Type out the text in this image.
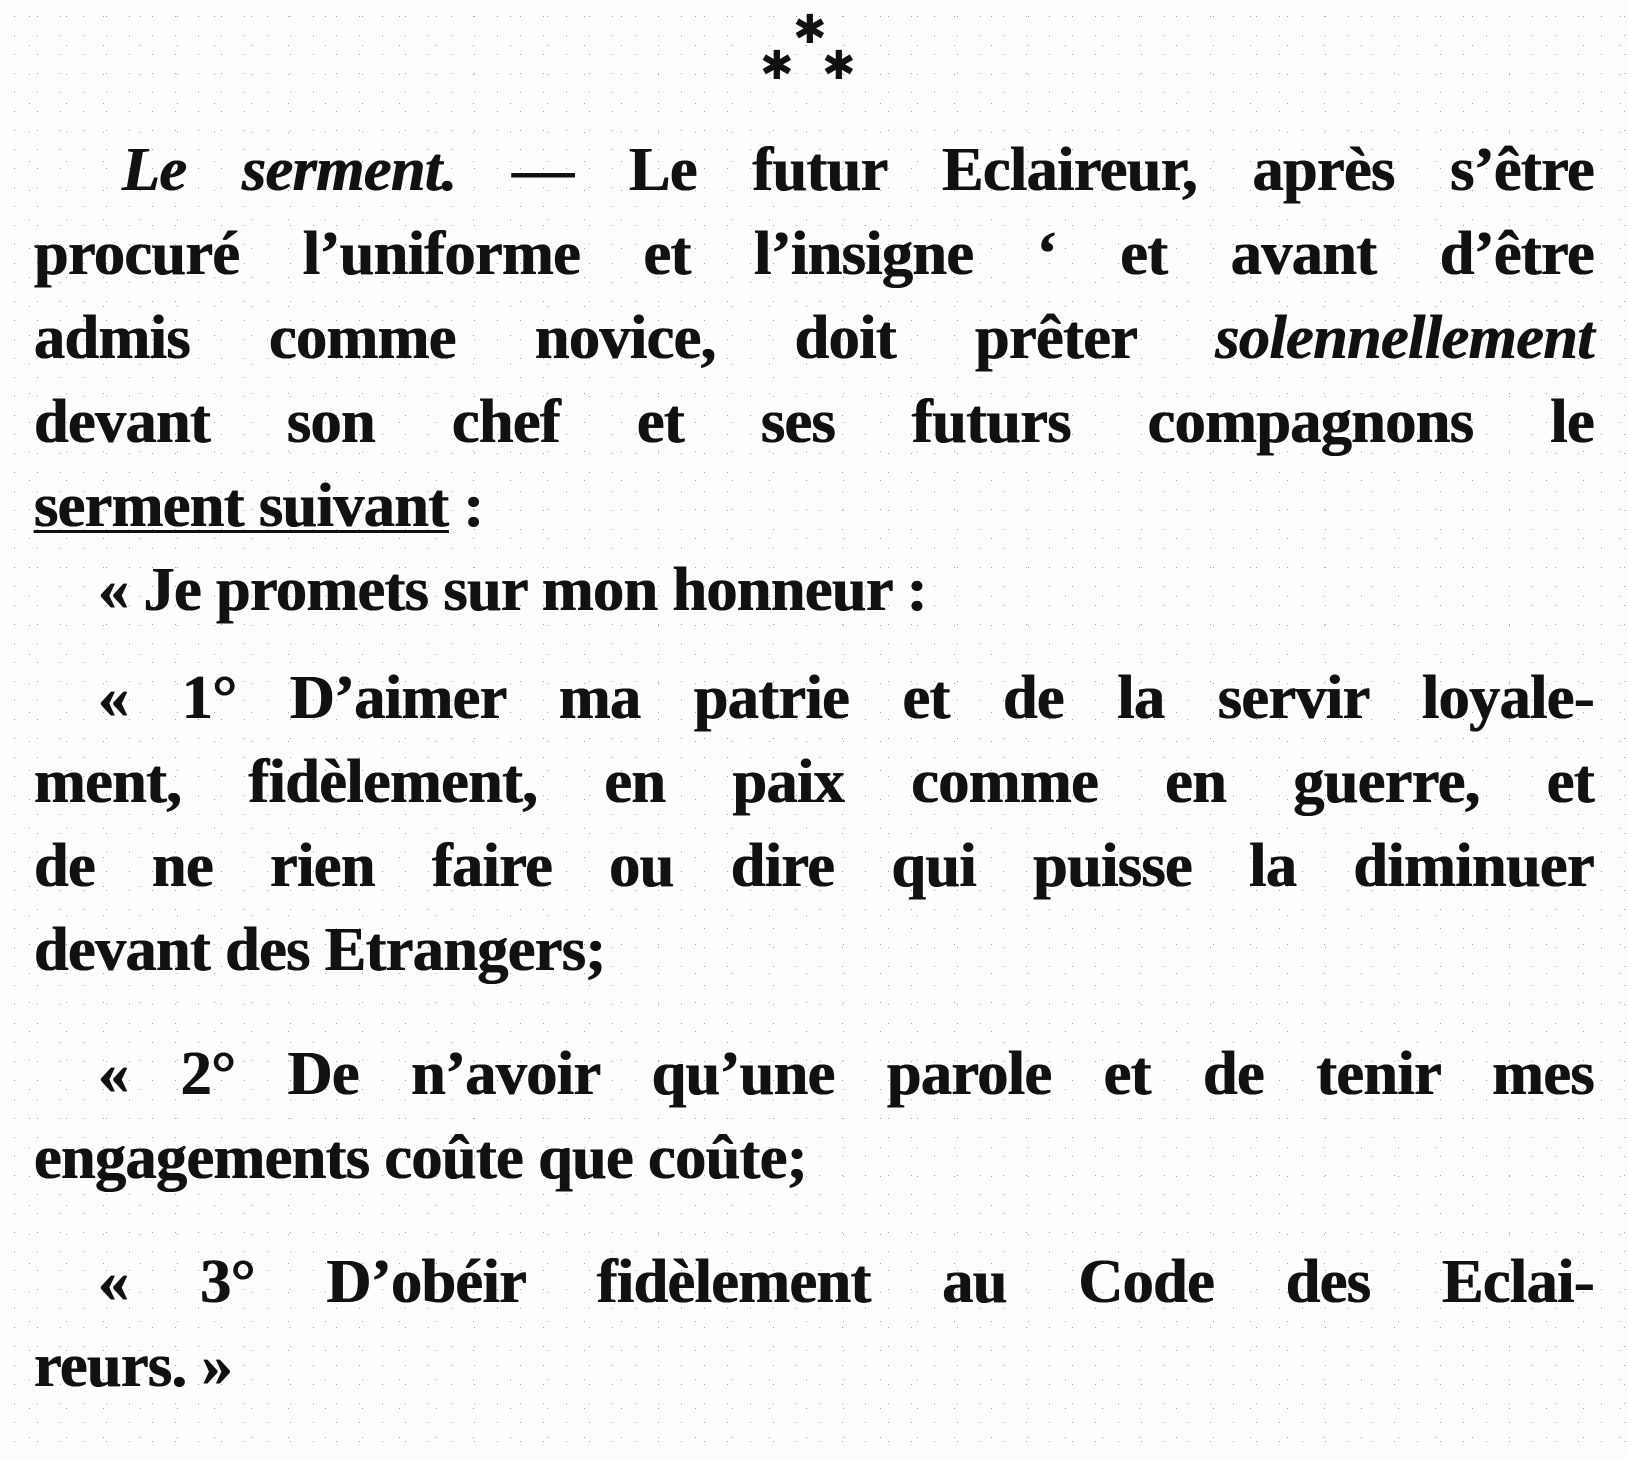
✱
✱ ✱
Le serment. — Le futur Eclaireur, après s’être
procuré l’uniforme et l’insigne ‘ et avant d’être
admis comme novice, doit prêter solennellement
devant son chef et ses futurs compagnons le
serment suivant :
« Je promets sur mon honneur :
« 1° D’aimer ma patrie et de la servir loyale-
ment, fidèlement, en paix comme en guerre, et
de ne rien faire ou dire qui puisse la diminuer
devant des Etrangers;
« 2° De n’avoir qu’une parole et de tenir mes
engagements coûte que coûte;
« 3° D’obéir fidèlement au Code des Eclai-
reurs. »
